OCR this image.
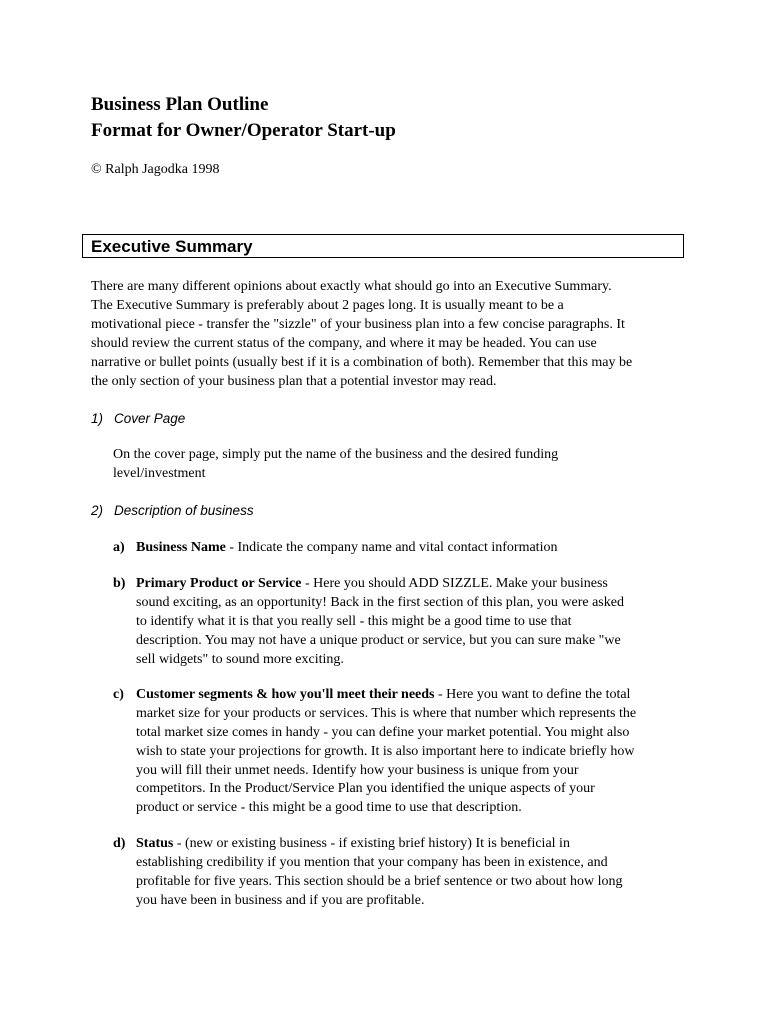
Business Plan Outline
Format for Owner/Operator Start-up

© Ralph Jagodka 1998

Executive Summary

There are many different opinions about exactly what should go into an Executive Summary.

The Executive Summary is preferably about 2 pages long. It is usually meant to be a

motivational piece - transfer the "sizzle" of your business plan into a few concise paragraphs. It

should review the current status of the company, and where it may be headed. You can use

narrative or bullet points (usually best if it is a combination of both). Remember that this may be

the only section of your business plan that a potential investor may read.

1) Cover Page

On the cover page, simply put the name of the business and the desired funding

level/investment

2) Description of business
a) Business Name - Indicate the company name and vital contact information

b) Primary Product or Service - Here you should ADD SIZZLE. Make your business

sound exciting, as an opportunity! Back in the first section of this plan, you were asked

to identify what it is that you really sell - this might be a good time to use that

description. You may not have a unique product or service, but you can sure make "we

sell widgets" to sound more exciting.

c) Customer segments & how you'll meet their needs - Here you want to define the total

market size for your products or services. This is where that number which represents the

total market size comes in handy - you can define your market potential. You might also

wish to state your projections for growth. It is also important here to indicate briefly how

you will fill their unmet needs. Identify how your business is unique from your

competitors. In the Product/Service Plan you identified the unique aspects of your

product or service - this might be a good time to use that description.

d) Status - (new or existing business - if existing brief history) It is beneficial in

establishing credibility if you mention that your company has been in existence, and

profitable for five years. This section should be a brief sentence or two about how long

you have been in business and if you are profitable.
